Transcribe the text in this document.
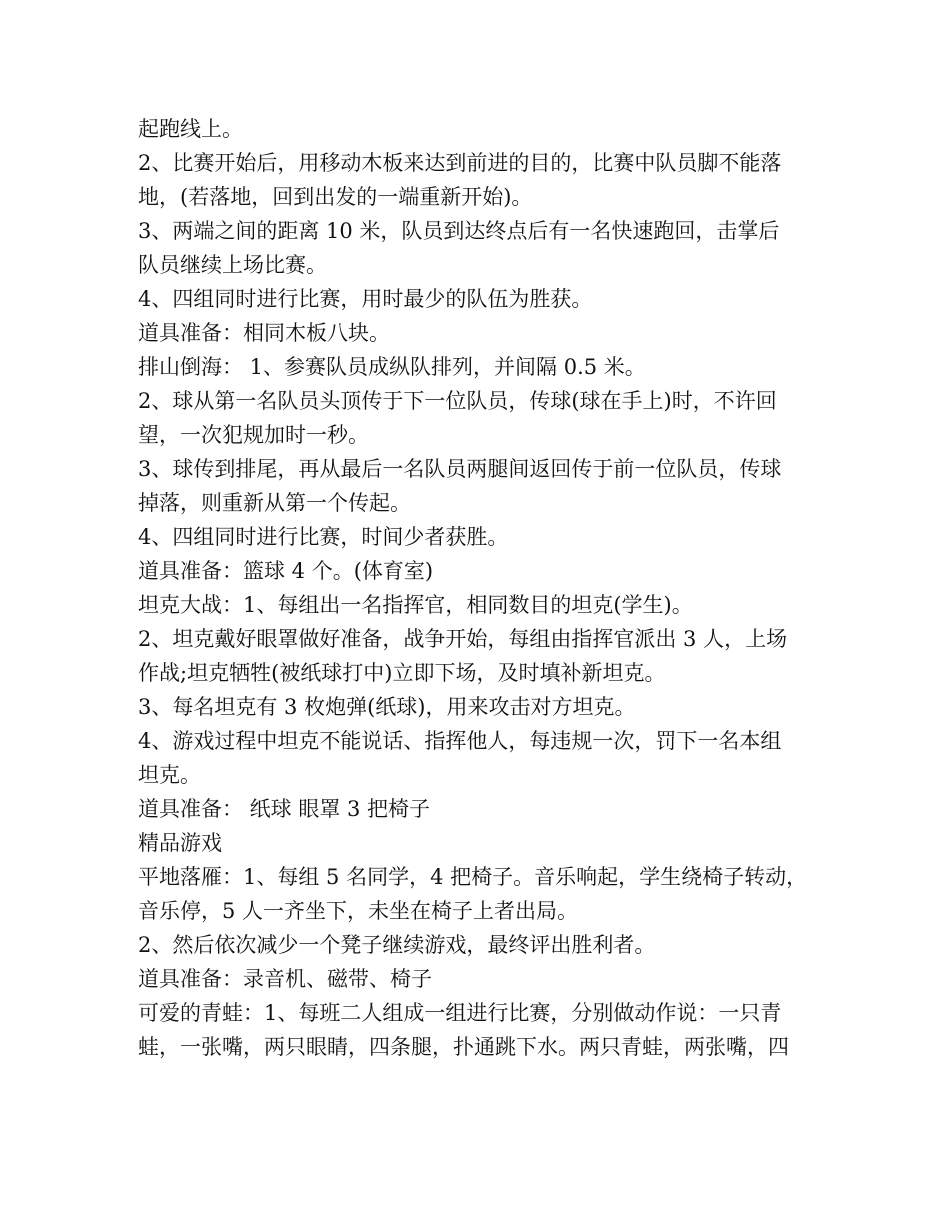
起跑线上。
2、比赛开始后，用移动木板来达到前进的目的，比赛中队员脚不能落
地，(若落地，回到出发的一端重新开始)。
3、两端之间的距离 10 米，队员到达终点后有一名快速跑回，击掌后
队员继续上场比赛。
4、四组同时进行比赛，用时最少的队伍为胜获。
道具准备：相同木板八块。
排山倒海： 1、参赛队员成纵队排列，并间隔 0.5 米。
2、球从第一名队员头顶传于下一位队员，传球(球在手上)时，不许回
望，一次犯规加时一秒。
3、球传到排尾，再从最后一名队员两腿间返回传于前一位队员，传球
掉落，则重新从第一个传起。
4、四组同时进行比赛，时间少者获胜。
道具准备：篮球 4 个。(体育室)
坦克大战：1、每组出一名指挥官，相同数目的坦克(学生)。
2、坦克戴好眼罩做好准备，战争开始，每组由指挥官派出 3 人，上场
作战;坦克牺牲(被纸球打中)立即下场，及时填补新坦克。
3、每名坦克有 3 枚炮弹(纸球)，用来攻击对方坦克。
4、游戏过程中坦克不能说话、指挥他人，每违规一次，罚下一名本组
坦克。
道具准备： 纸球 眼罩 3 把椅子
精品游戏
平地落雁：1、每组 5 名同学，4 把椅子。音乐响起，学生绕椅子转动，
音乐停，5 人一齐坐下，未坐在椅子上者出局。
2、然后依次减少一个凳子继续游戏，最终评出胜利者。
道具准备：录音机、磁带、椅子
可爱的青蛙：1、每班二人组成一组进行比赛，分别做动作说：一只青
蛙，一张嘴，两只眼睛，四条腿，扑通跳下水。两只青蛙，两张嘴，四
